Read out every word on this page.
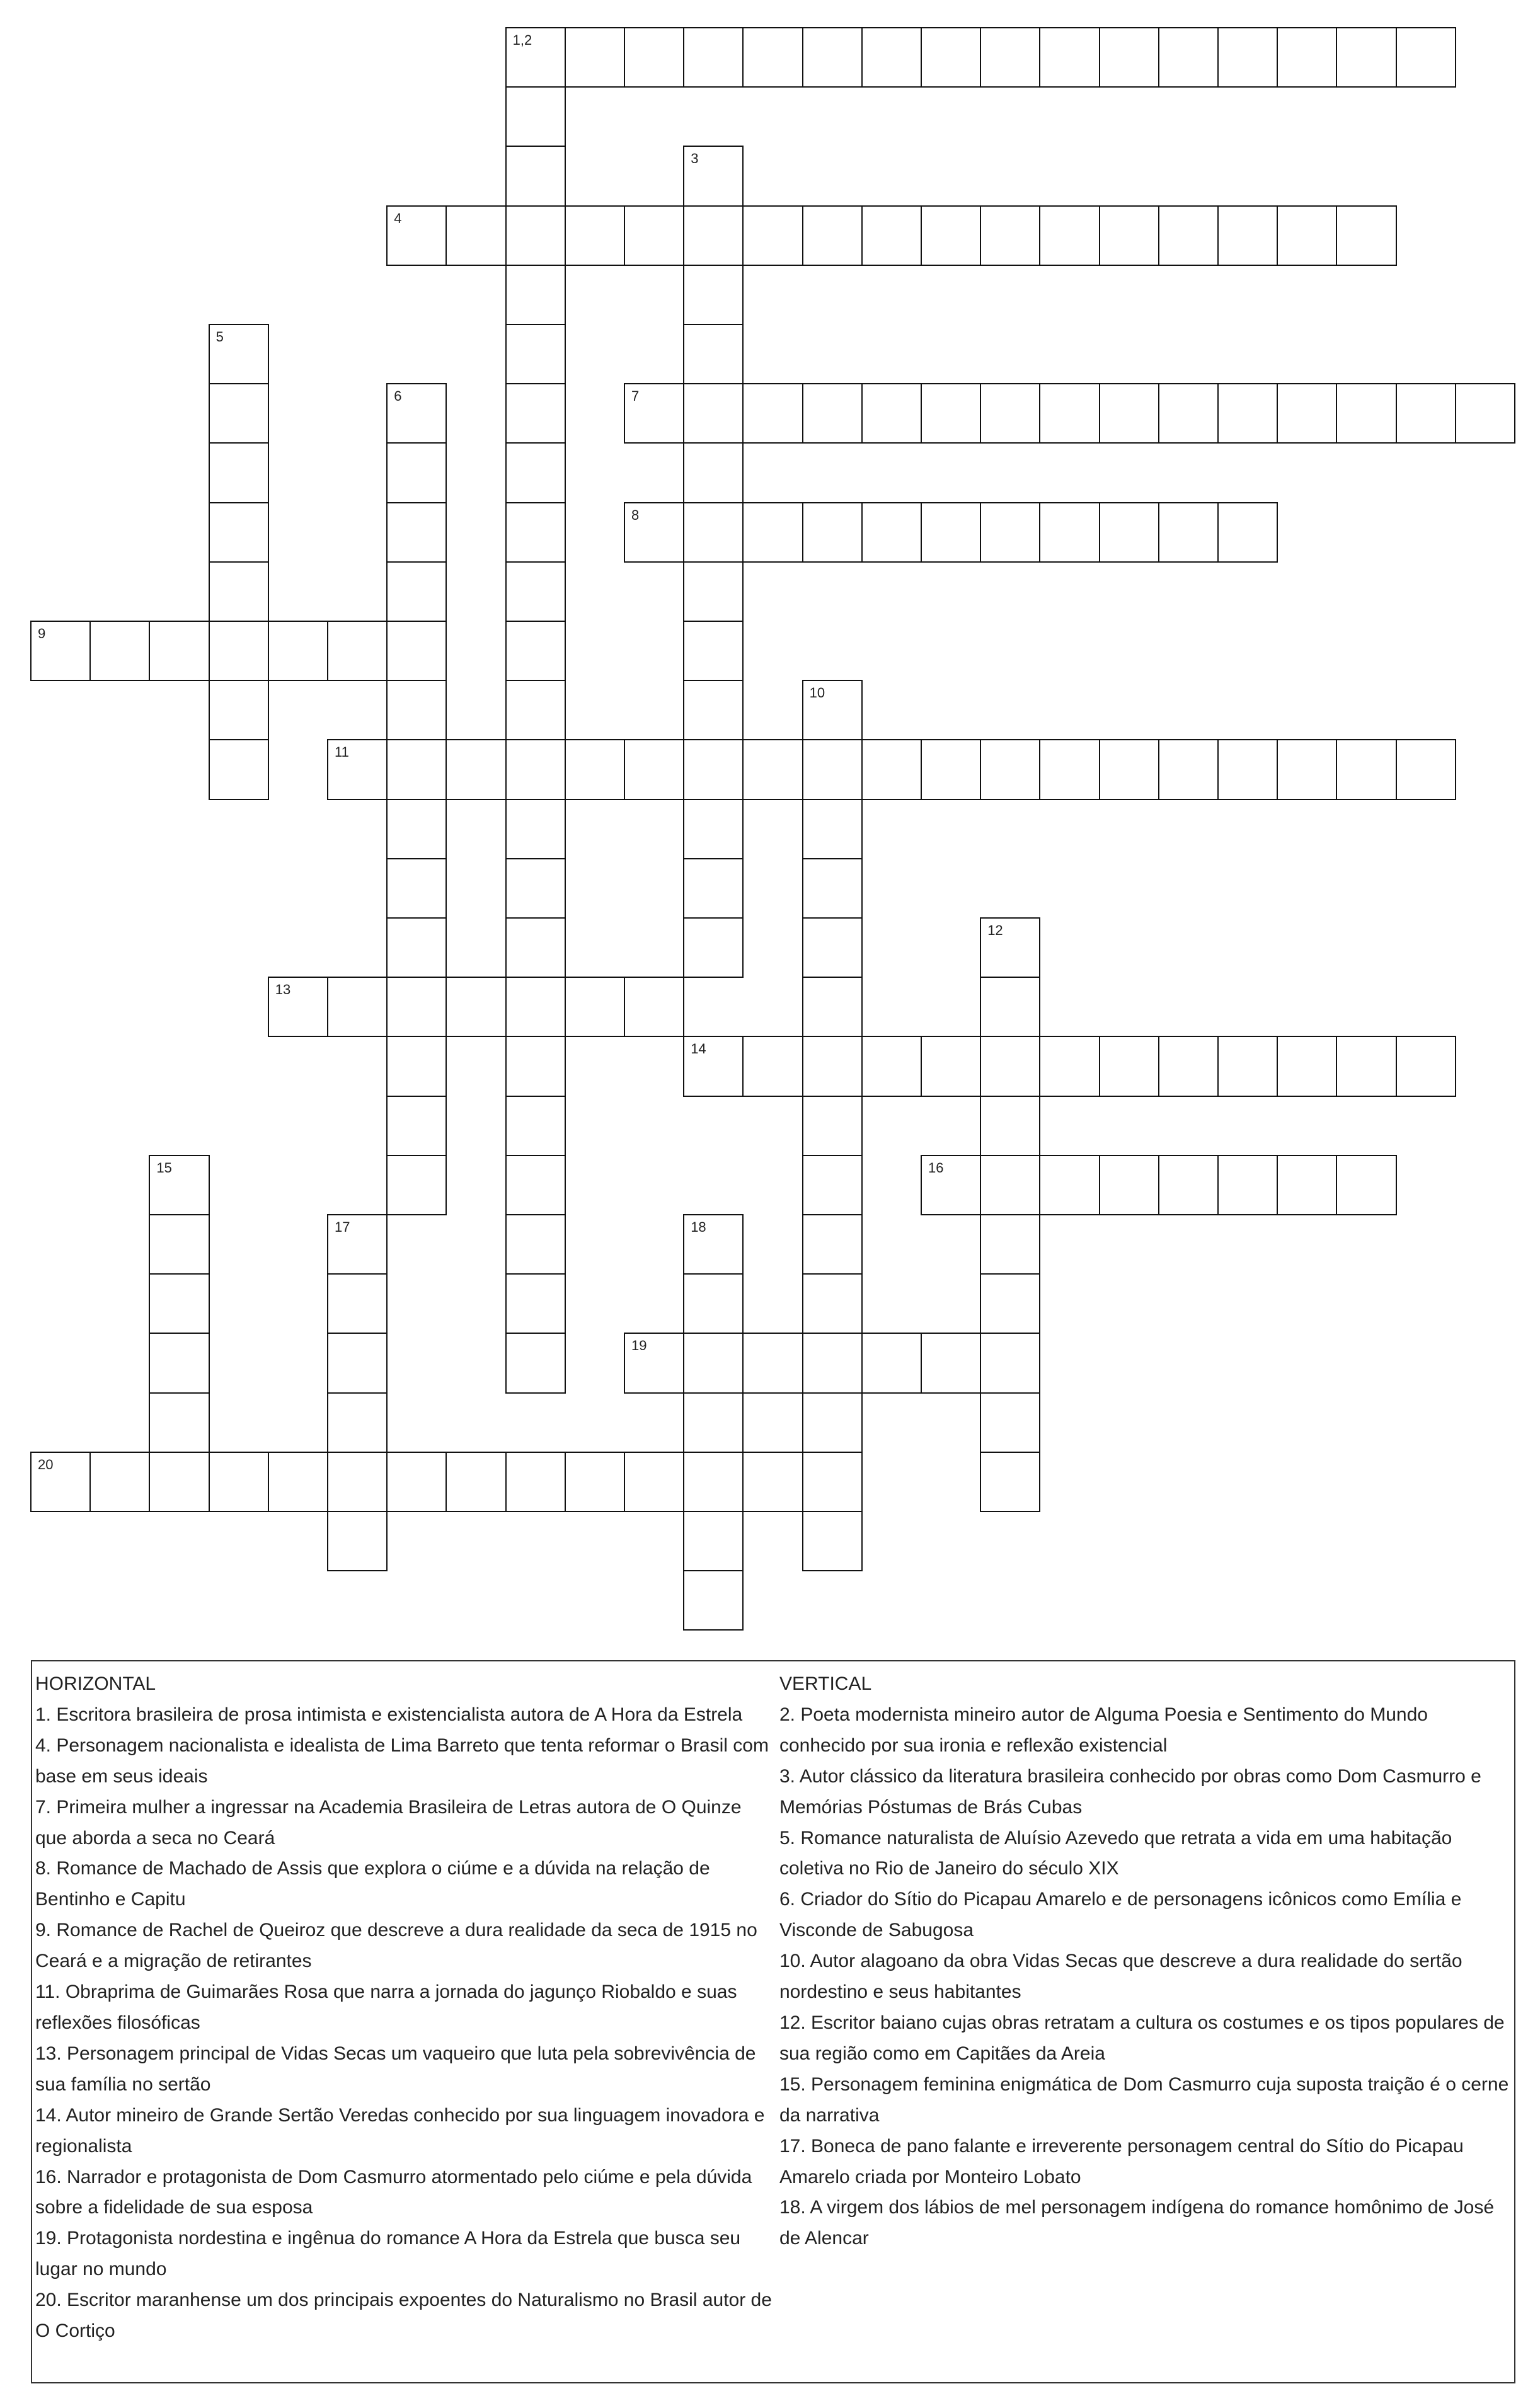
1,2
3
4
5
6	7
8
9
10
11
12
13
14
15	16
17	18
19
20
HORIZONTAL
1. Escritora brasileira de prosa intimista e existencialista autora de A Hora da Estrela
4. Personagem nacionalista e idealista de Lima Barreto que tenta reformar o Brasil com base em seus ideais
7. Primeira mulher a ingressar na Academia Brasileira de Letras autora de O Quinze que aborda a seca no Ceará
8. Romance de Machado de Assis que explora o ciúme e a dúvida na relação de Bentinho e Capitu
9. Romance de Rachel de Queiroz que descreve a dura realidade da seca de 1915 no Ceará e a migração de retirantes
11. Obraprima de Guimarães Rosa que narra a jornada do jagunço Riobaldo e suas reflexões filosóficas
13. Personagem principal de Vidas Secas um vaqueiro que luta pela sobrevivência de sua família no sertão
14. Autor mineiro de Grande Sertão Veredas conhecido por sua linguagem inovadora e regionalista
16. Narrador e protagonista de Dom Casmurro atormentado pelo ciúme e pela dúvida sobre a fidelidade de sua esposa
19. Protagonista nordestina e ingênua do romance A Hora da Estrela que busca seu lugar no mundo
20. Escritor maranhense um dos principais expoentes do Naturalismo no Brasil autor de O Cortiço
VERTICAL
2. Poeta modernista mineiro autor de Alguma Poesia e Sentimento do Mundo conhecido por sua ironia e reflexão existencial
3. Autor clássico da literatura brasileira conhecido por obras como Dom Casmurro e Memórias Póstumas de Brás Cubas
5. Romance naturalista de Aluísio Azevedo que retrata a vida em uma habitação coletiva no Rio de Janeiro do século XIX
6. Criador do Sítio do Picapau Amarelo e de personagens icônicos como Emília e Visconde de Sabugosa
10. Autor alagoano da obra Vidas Secas que descreve a dura realidade do sertão nordestino e seus habitantes
12. Escritor baiano cujas obras retratam a cultura os costumes e os tipos populares de sua região como em Capitães da Areia
15. Personagem feminina enigmática de Dom Casmurro cuja suposta traição é o cerne da narrativa
17. Boneca de pano falante e irreverente personagem central do Sítio do Picapau Amarelo criada por Monteiro Lobato
18. A virgem dos lábios de mel personagem indígena do romance homônimo de José de Alencar
